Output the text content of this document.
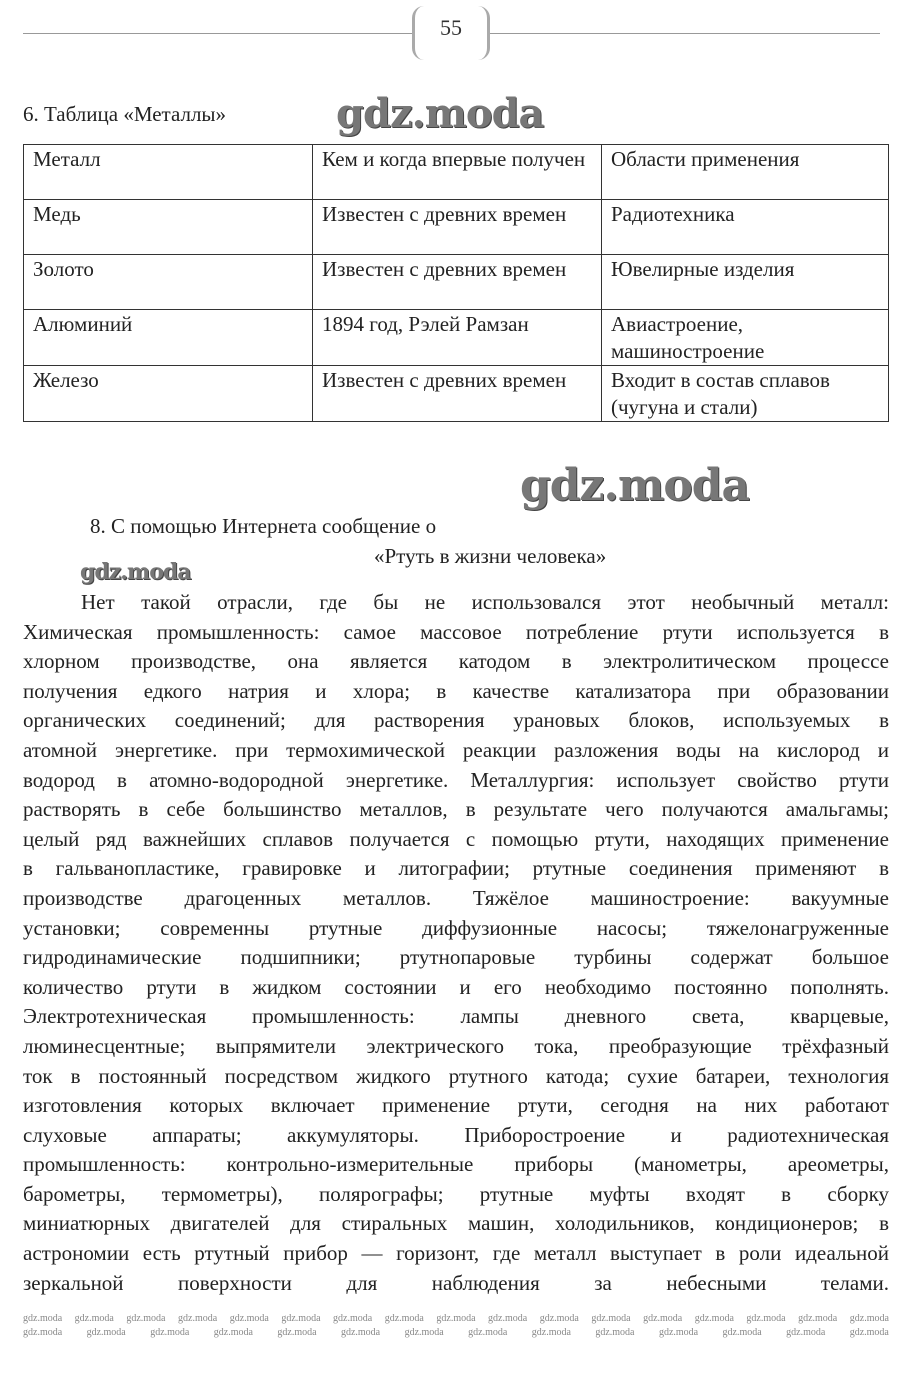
55
6. Таблица «Металлы»	gdz.moda
Металл	Кем и когда впервые получен	Области применения
Медь	Известен с древних времен	Радиотехника
Золото	Известен с древних времен	Ювелирные изделия
Алюминий	1894 год, Рэлей Рамзан	Авиастроение, машиностроение
Железо	Известен с древних времен	Входит в состав сплавов (чугуна и стали)
gdz.moda
8. С помощью Интернета сообщение о
«Ртуть в жизни человека»
gdz.moda
Нет такой отрасли, где бы не использовался этот необычный металл:
Химическая промышленность: самое массовое потребление ртути используется в
хлорном производстве, она является катодом в электролитическом процессе
получения едкого натрия и хлора; в качестве катализатора при образовании
органических соединений; для растворения урановых блоков, используемых в
атомной энергетике. при термохимической реакции разложения воды на кислород и
водород в атомно-водородной энергетике. Металлургия: использует свойство ртути
растворять в себе большинство металлов, в результате чего получаются амальгамы;
целый ряд важнейших сплавов получается с помощью ртути, находящих применение
в гальванопластике, гравировке и литографии; ртутные соединения применяют в
производстве драгоценных металлов. Тяжёлое машиностроение: вакуумные
установки; современны ртутные диффузионные насосы; тяжелонагруженные
гидродинамические подшипники; ртутнопаровые турбины содержат большое
количество ртути в жидком состоянии и его необходимо постоянно пополнять.
Электротехническая промышленность: лампы дневного света, кварцевые,
люминесцентные; выпрямители электрического тока, преобразующие трёхфазный
ток в постоянный посредством жидкого ртутного катода; сухие батареи, технология
изготовления которых включает применение ртути, сегодня на них работают
слуховые аппараты; аккумуляторы. Приборостроение и радиотехническая
промышленность: контрольно-измерительные приборы (манометры, ареометры,
барометры, термометры), полярографы; ртутные муфты входят в сборку
миниатюрных двигателей для стиральных машин, холодильников, кондиционеров; в
астрономии есть ртутный прибор — горизонт, где металл выступает в роли идеальной
зеркальной поверхности для наблюдения за небесными телами.
gdz.moda gdz.moda gdz.moda gdz.moda gdz.moda gdz.moda gdz.moda gdz.moda gdz.moda gdz.moda gdz.moda gdz.moda gdz.moda gdz.moda gdz.moda gdz.moda gdz.moda
gdz.moda gdz.moda gdz.moda gdz.moda gdz.moda gdz.moda gdz.moda gdz.moda gdz.moda gdz.moda gdz.moda gdz.moda gdz.moda gdz.moda
